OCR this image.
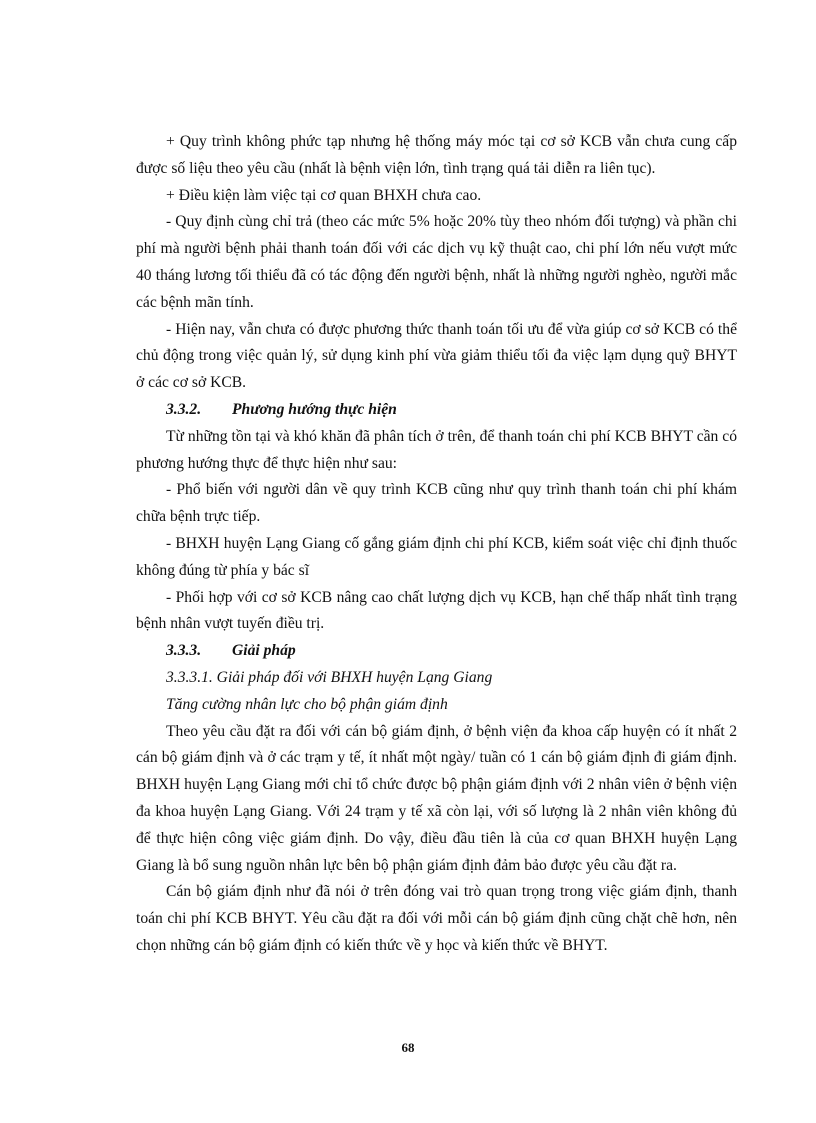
+ Quy trình không phức tạp nhưng hệ thống máy móc tại cơ sở KCB vẫn chưa cung cấp được số liệu theo yêu cầu (nhất là bệnh viện lớn, tình trạng quá tải diễn ra liên tục).

+ Điều kiện làm việc tại cơ quan BHXH chưa cao.

- Quy định cùng chỉ trả (theo các mức 5% hoặc 20% tùy theo nhóm đối tượng) và phần chi phí mà người bệnh phải thanh toán đối với các dịch vụ kỹ thuật cao, chi phí lớn nếu vượt mức 40 tháng lương tối thiểu đã có tác động đến người bệnh, nhất là những người nghèo, người mắc các bệnh mãn tính.

- Hiện nay, vẫn chưa có được phương thức thanh toán tối ưu để vừa giúp cơ sở KCB có thể chủ động trong việc quản lý, sử dụng kinh phí vừa giảm thiểu tối đa việc lạm dụng quỹ BHYT ở các cơ sở KCB.

3.3.2. Phương hướng thực hiện

Từ những tồn tại và khó khăn đã phân tích ở trên, để thanh toán chi phí KCB BHYT cần có phương hướng thực để thực hiện như sau:

- Phổ biến với người dân về quy trình KCB cũng như quy trình thanh toán chi phí khám chữa bệnh trực tiếp.

- BHXH huyện Lạng Giang cố gắng giám định chi phí KCB, kiểm soát việc chỉ định thuốc không đúng từ phía y bác sĩ

- Phối hợp với cơ sở KCB nâng cao chất lượng dịch vụ KCB, hạn chế thấp nhất tình trạng bệnh nhân vượt tuyến điều trị.

3.3.3. Giải pháp

3.3.3.1. Giải pháp đối với BHXH huyện Lạng Giang

Tăng cường nhân lực cho bộ phận giám định

Theo yêu cầu đặt ra đối với cán bộ giám định, ở bệnh viện đa khoa cấp huyện có ít nhất 2 cán bộ giám định và ở các trạm y tế, ít nhất một ngày/ tuần có 1 cán bộ giám định đi giám định. BHXH huyện Lạng Giang mới chỉ tổ chức được bộ phận giám định với 2 nhân viên ở bệnh viện đa khoa huyện Lạng Giang. Với 24 trạm y tế xã còn lại, với số lượng là 2 nhân viên không đủ để thực hiện công việc giám định. Do vậy, điều đầu tiên là của cơ quan BHXH huyện Lạng Giang là bổ sung nguồn nhân lực bên bộ phận giám định đảm bảo được yêu cầu đặt ra.

Cán bộ giám định như đã nói ở trên đóng vai trò quan trọng trong việc giám định, thanh toán chi phí KCB BHYT. Yêu cầu đặt ra đối với mỗi cán bộ giám định cũng chặt chẽ hơn, nên chọn những cán bộ giám định có kiến thức về y học và kiến thức về BHYT.

68
